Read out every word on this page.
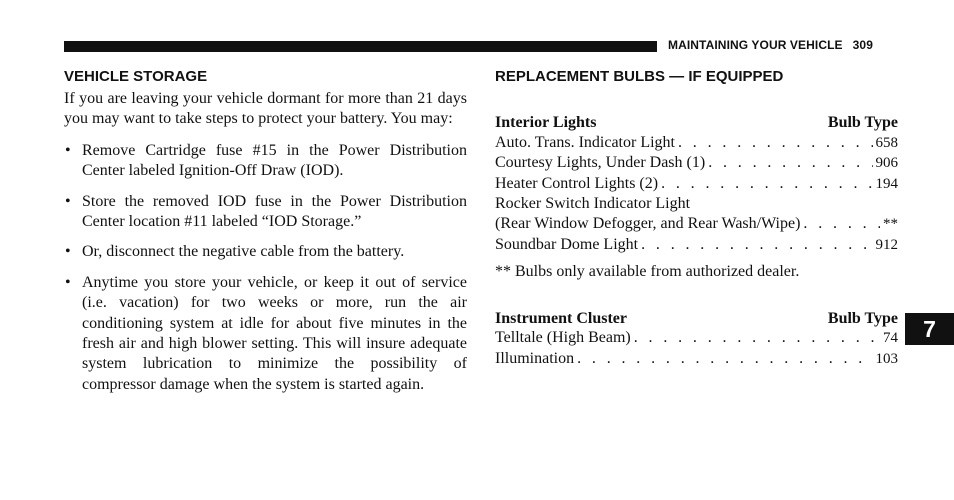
MAINTAINING YOUR VEHICLE 309
VEHICLE STORAGE

If you are leaving your vehicle dormant for more than 21 days you may want to take steps to protect your battery. You may:

• Remove Cartridge fuse #15 in the Power Distribution Center labeled Ignition-Off Draw (IOD).
• Store the removed IOD fuse in the Power Distribution Center location #11 labeled “IOD Storage.”
• Or, disconnect the negative cable from the battery.
• Anytime you store your vehicle, or keep it out of service (i.e. vacation) for two weeks or more, run the air conditioning system at idle for about five minutes in the fresh air and high blower setting. This will insure adequate system lubrication to minimize the possibility of compressor damage when the system is started again.
REPLACEMENT BULBS — IF EQUIPPED
Interior Lights	Bulb Type
Auto. Trans. Indicator Light . . .	658
Courtesy Lights, Under Dash (1) . . .	906
Heater Control Lights (2) . . .	194
Rocker Switch Indicator Light
(Rear Window Defogger, and Rear Wash/Wipe) . . .	**
Soundbar Dome Light . . .	912
** Bulbs only available from authorized dealer.
Instrument Cluster	Bulb Type
Telltale (High Beam) . . .	74
Illumination . . .	103
7
